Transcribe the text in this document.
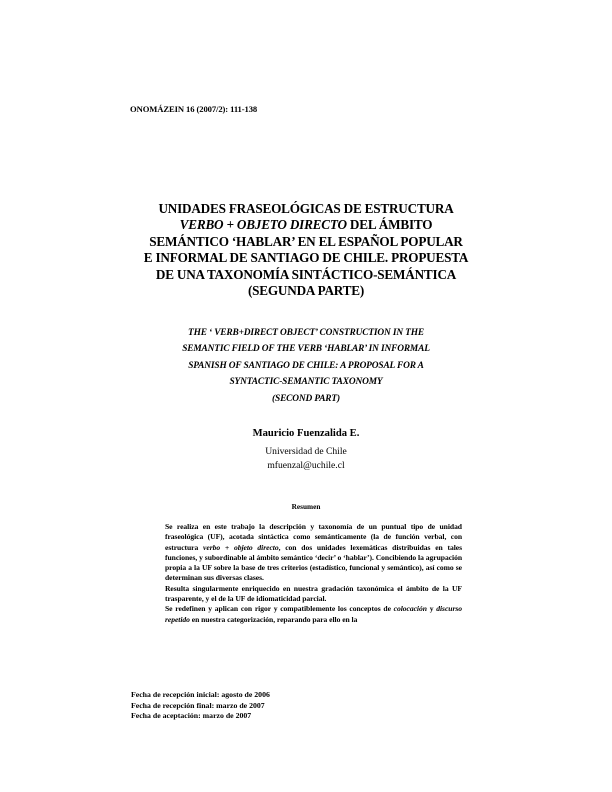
ONOMÁZEIN 16 (2007/2): 111-138
UNIDADES FRASEOLÓGICAS DE ESTRUCTURA
VERBO + OBJETO DIRECTO DEL ÁMBITO
SEMÁNTICO ‘HABLAR’ EN EL ESPAÑOL POPULAR
E INFORMAL DE SANTIAGO DE CHILE. PROPUESTA
DE UNA TAXONOMÍA SINTÁCTICO-SEMÁNTICA
(SEGUNDA PARTE)
THE ‘ VERB+DIRECT OBJECT’ CONSTRUCTION IN THE
SEMANTIC FIELD OF THE VERB ‘HABLAR’ IN INFORMAL
SPANISH OF SANTIAGO DE CHILE: A PROPOSAL FOR A
SYNTACTIC-SEMANTIC TAXONOMY
(SECOND PART)
Mauricio Fuenzalida E.
Universidad de Chile
mfuenzal@uchile.cl
Resumen

Se realiza en este trabajo la descripción y taxonomía de un puntual tipo de unidad fraseológica (UF), acotada sintáctica como semánticamente (la de función verbal, con estructura verbo + objeto directo, con dos unidades lexemáticas distribuidas en tales funciones, y subordinable al ámbito semántico ‘decir’ o ‘hablar’). Concibiendo la agrupación propia a la UF sobre la base de tres criterios (estadístico, funcional y semántico), así como se determinan sus diversas clases.

Resulta singularmente enriquecido en nuestra gradación taxonómica el ámbito de la UF trasparente, y el de la UF de idiomaticidad parcial.

Se redefinen y aplican con rigor y compatiblemente los conceptos de colocación y discurso repetido en nuestra categorización, reparando para ello en la

Fecha de recepción inicial: agosto de 2006
Fecha de recepción final: marzo de 2007
Fecha de aceptación: marzo de 2007
